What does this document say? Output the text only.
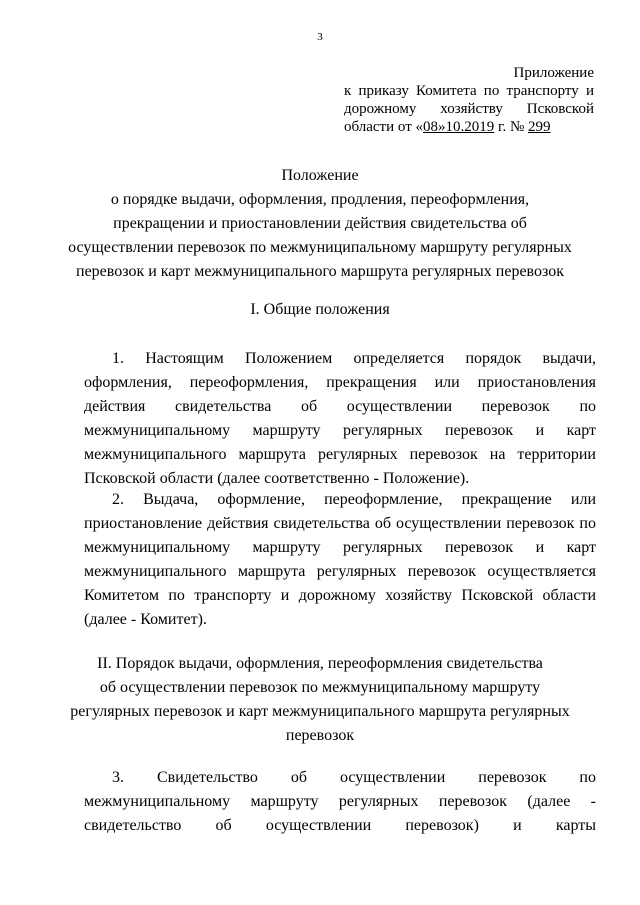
3
Приложение
к приказу Комитета по транспорту и
дорожному хозяйству Псковской
области от «08»10.2019 г. № 299
Положение
о порядке выдачи, оформления, продления, переоформления,
прекращении и приостановлении действия свидетельства об
осуществлении перевозок по межмуниципальному маршруту регулярных
перевозок и карт межмуниципального маршрута регулярных перевозок
I. Общие положения
1. Настоящим Положением определяется порядок выдачи,
оформления, переоформления, прекращения или приостановления
действия свидетельства об осуществлении перевозок по
межмуниципальному маршруту регулярных перевозок и карт
межмуниципального маршрута регулярных перевозок на территории
Псковской области (далее соответственно - Положение).
2. Выдача, оформление, переоформление, прекращение или
приостановление действия свидетельства об осуществлении перевозок по
межмуниципальному маршруту регулярных перевозок и карт
межмуниципального маршрута регулярных перевозок осуществляется
Комитетом по транспорту и дорожному хозяйству Псковской области
(далее - Комитет).
II. Порядок выдачи, оформления, переоформления свидетельства
об осуществлении перевозок по межмуниципальному маршруту
регулярных перевозок и карт межмуниципального маршрута регулярных
перевозок
3. Свидетельство об осуществлении перевозок по
межмуниципальному маршруту регулярных перевозок (далее -
свидетельство об осуществлении перевозок) и карты
